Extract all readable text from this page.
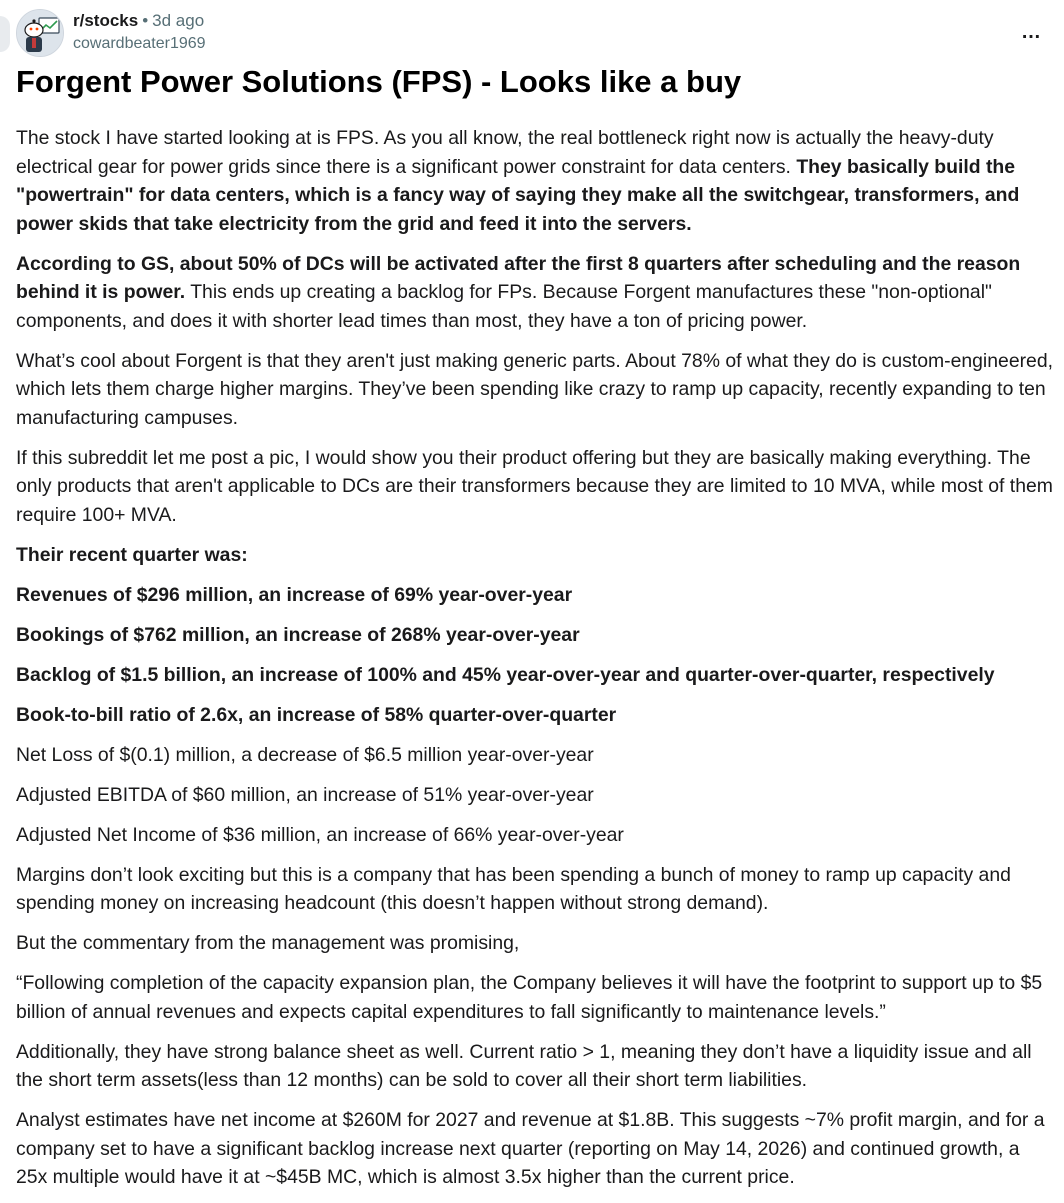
r/stocks • 3d ago
cowardbeater1969
…
Forgent Power Solutions (FPS) - Looks like a buy

The stock I have started looking at is FPS. As you all know, the real bottleneck right now is actually the heavy-duty electrical gear for power grids since there is a significant power constraint for data centers. They basically build the "powertrain" for data centers, which is a fancy way of saying they make all the switchgear, transformers, and power skids that take electricity from the grid and feed it into the servers.

According to GS, about 50% of DCs will be activated after the first 8 quarters after scheduling and the reason behind it is power. This ends up creating a backlog for FPs. Because Forgent manufactures these "non-optional" components, and does it with shorter lead times than most, they have a ton of pricing power.

What’s cool about Forgent is that they aren't just making generic parts. About 78% of what they do is custom-engineered, which lets them charge higher margins. They’ve been spending like crazy to ramp up capacity, recently expanding to ten manufacturing campuses.

If this subreddit let me post a pic, I would show you their product offering but they are basically making everything. The only products that aren't applicable to DCs are their transformers because they are limited to 10 MVA, while most of them require 100+ MVA.

Their recent quarter was:

Revenues of $296 million, an increase of 69% year-over-year

Bookings of $762 million, an increase of 268% year-over-year

Backlog of $1.5 billion, an increase of 100% and 45% year-over-year and quarter-over-quarter, respectively

Book-to-bill ratio of 2.6x, an increase of 58% quarter-over-quarter

Net Loss of $(0.1) million, a decrease of $6.5 million year-over-year

Adjusted EBITDA of $60 million, an increase of 51% year-over-year

Adjusted Net Income of $36 million, an increase of 66% year-over-year

Margins don’t look exciting but this is a company that has been spending a bunch of money to ramp up capacity and spending money on increasing headcount (this doesn’t happen without strong demand).

But the commentary from the management was promising,

“Following completion of the capacity expansion plan, the Company believes it will have the footprint to support up to $5 billion of annual revenues and expects capital expenditures to fall significantly to maintenance levels.”

Additionally, they have strong balance sheet as well. Current ratio > 1, meaning they don’t have a liquidity issue and all the short term assets(less than 12 months) can be sold to cover all their short term liabilities.

Analyst estimates have net income at $260M for 2027 and revenue at $1.8B. This suggests ~7% profit margin, and for a company set to have a significant backlog increase next quarter (reporting on May 14, 2026) and continued growth, a 25x multiple would have it at ~$45B MC, which is almost 3.5x higher than the current price.
